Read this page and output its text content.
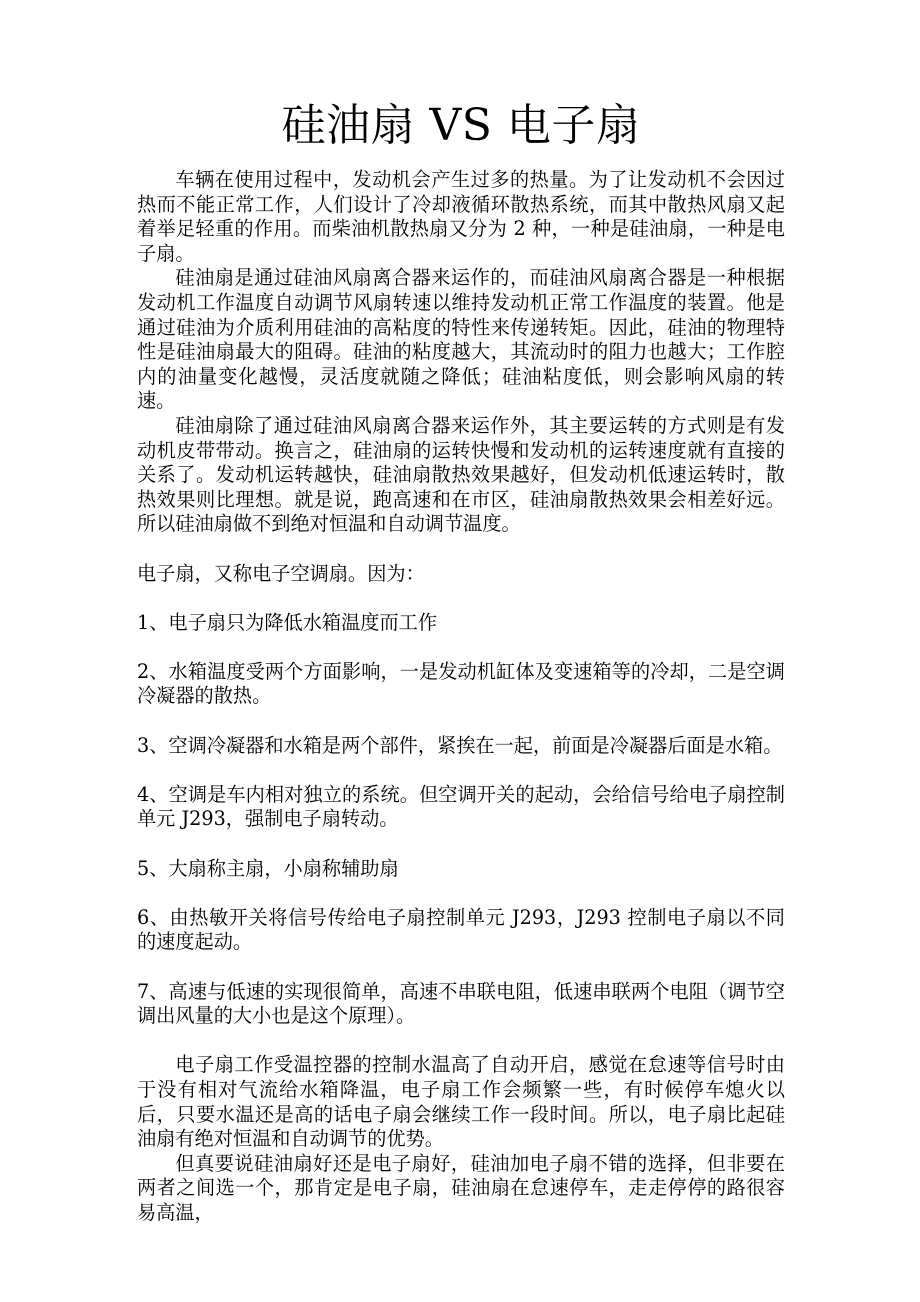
硅油扇 VS 电子扇

车辆在使用过程中，发动机会产生过多的热量。为了让发动机不会因过热而不能正常工作，人们设计了冷却液循环散热系统，而其中散热风扇又起着举足轻重的作用。而柴油机散热扇又分为 2 种，一种是硅油扇，一种是电子扇。

硅油扇是通过硅油风扇离合器来运作的，而硅油风扇离合器是一种根据发动机工作温度自动调节风扇转速以维持发动机正常工作温度的装置。他是通过硅油为介质利用硅油的高粘度的特性来传递转矩。因此，硅油的物理特性是硅油扇最大的阻碍。硅油的粘度越大，其流动时的阻力也越大；工作腔内的油量变化越慢，灵活度就随之降低；硅油粘度低，则会影响风扇的转速。

硅油扇除了通过硅油风扇离合器来运作外，其主要运转的方式则是有发动机皮带带动。换言之，硅油扇的运转快慢和发动机的运转速度就有直接的关系了。发动机运转越快，硅油扇散热效果越好，但发动机低速运转时，散热效果则比理想。就是说，跑高速和在市区，硅油扇散热效果会相差好远。所以硅油扇做不到绝对恒温和自动调节温度。

电子扇，又称电子空调扇。因为：

1、电子扇只为降低水箱温度而工作

2、水箱温度受两个方面影响，一是发动机缸体及变速箱等的冷却，二是空调冷凝器的散热。

3、空调冷凝器和水箱是两个部件，紧挨在一起，前面是冷凝器后面是水箱。

4、空调是车内相对独立的系统。但空调开关的起动，会给信号给电子扇控制单元 J293，强制电子扇转动。

5、大扇称主扇，小扇称辅助扇

6、由热敏开关将信号传给电子扇控制单元 J293，J293 控制电子扇以不同的速度起动。

7、高速与低速的实现很简单，高速不串联电阻，低速串联两个电阻（调节空调出风量的大小也是这个原理）。

电子扇工作受温控器的控制水温高了自动开启，感觉在怠速等信号时由于没有相对气流给水箱降温，电子扇工作会频繁一些，有时候停车熄火以后，只要水温还是高的话电子扇会继续工作一段时间。所以，电子扇比起硅油扇有绝对恒温和自动调节的优势。

但真要说硅油扇好还是电子扇好，硅油加电子扇不错的选择，但非要在两者之间选一个，那肯定是电子扇，硅油扇在怠速停车，走走停停的路很容易高温，
